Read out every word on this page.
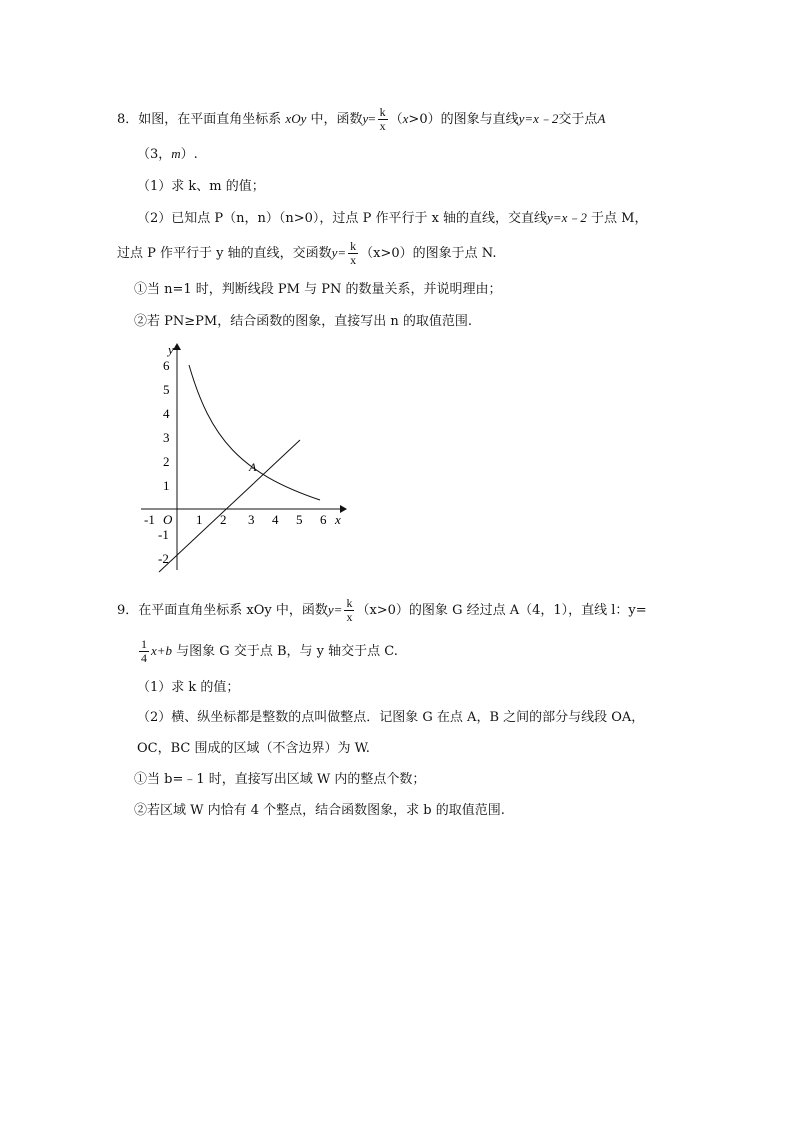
8．如图，在平面直角坐标系 xOy 中，函数$y= \frac{k}{x} (x>0)$的图象与直线y=x﹣2交于点A
（3，m）.
（1）求 k、m 的值；
（2）已知点 P（n，n）（n>0），过点 P 作平行于 x 轴的直线，交直线y=x﹣2 于点 M，
过点 P 作平行于 y 轴的直线，交函数$y= \frac{k}{x} (x>0)$的图象于点 N.
①当 n=1 时，判断线段 PM 与 PN 的数量关系，并说明理由；
②若 PN≥PM，结合函数的图象，直接写出 n 的取值范围.
y
x
O
A
-1	1 2 3 4 5 6
6
5
4
3
2
1
-1
-2
9．在平面直角坐标系 xOy 中，函数$y= \frac{k}{x} (x>0)$的图象 G 经过点 A（4，1），直线 l：y=
$\frac{1}{4} x+b$ 与图象 G 交于点 B，与 y 轴交于点 C.
（1）求 k 的值；
（2）横、纵坐标都是整数的点叫做整点．记图象 G 在点 A，B 之间的部分与线段 OA，
OC，BC 围成的区域（不含边界）为 W.
①当 b=﹣1 时，直接写出区域 W 内的整点个数；
②若区域 W 内恰有 4 个整点，结合函数图象，求 b 的取值范围.
